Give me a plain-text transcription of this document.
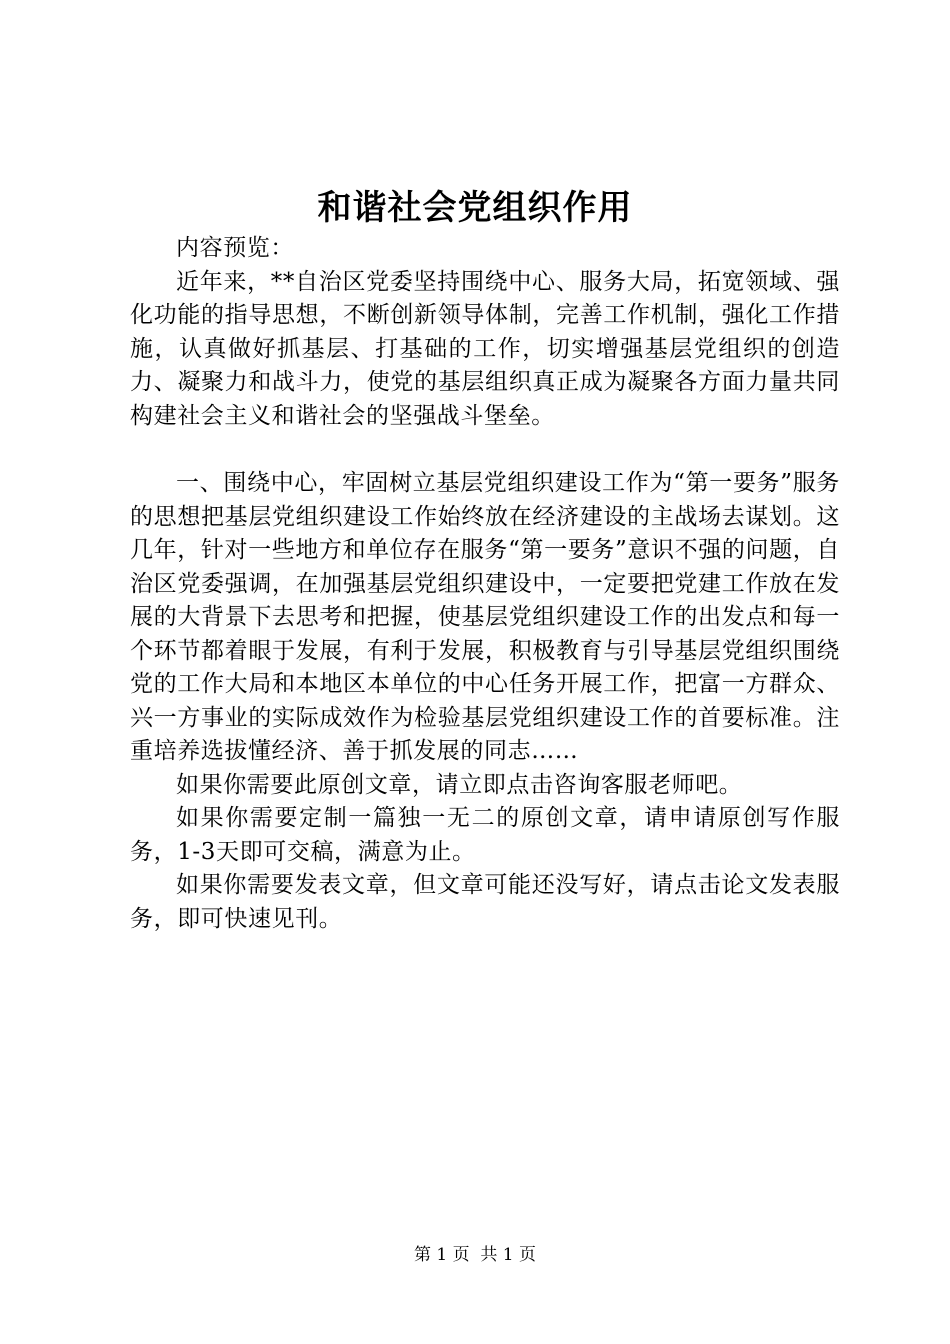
和谐社会党组织作用

内容预览：

近年来，**自治区党委坚持围绕中心、服务大局，拓宽领域、强化功能的指导思想，不断创新领导体制，完善工作机制，强化工作措施，认真做好抓基层、打基础的工作，切实增强基层党组织的创造力、凝聚力和战斗力，使党的基层组织真正成为凝聚各方面力量共同构建社会主义和谐社会的坚强战斗堡垒。

一、围绕中心，牢固树立基层党组织建设工作为“第一要务”服务的思想把基层党组织建设工作始终放在经济建设的主战场去谋划。这几年，针对一些地方和单位存在服务“第一要务”意识不强的问题，自治区党委强调，在加强基层党组织建设中，一定要把党建工作放在发展的大背景下去思考和把握，使基层党组织建设工作的出发点和每一个环节都着眼于发展，有利于发展，积极教育与引导基层党组织围绕党的工作大局和本地区本单位的中心任务开展工作，把富一方群众、兴一方事业的实际成效作为检验基层党组织建设工作的首要标准。注重培养选拔懂经济、善于抓发展的同志……

如果你需要此原创文章，请立即点击咨询客服老师吧。

如果你需要定制一篇独一无二的原创文章，请申请原创写作服务，1-3天即可交稿，满意为止。

如果你需要发表文章，但文章可能还没写好，请点击论文发表服务，即可快速见刊。

第 1 页  共 1 页
